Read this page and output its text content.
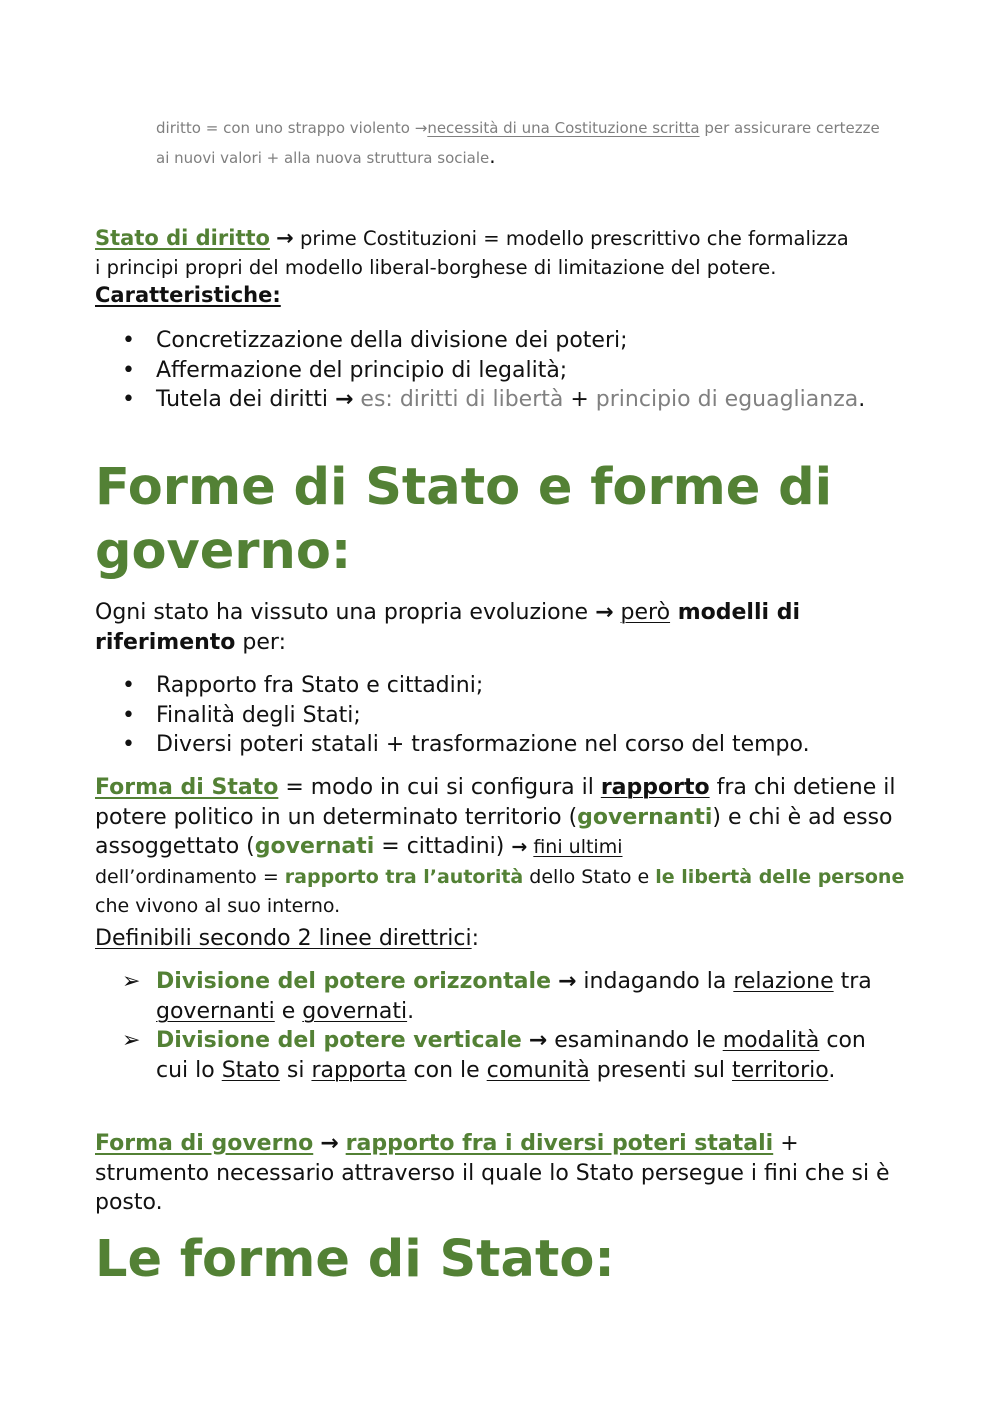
diritto = con uno strappo violento →necessità di una Costituzione scritta per assicurare certezze
ai nuovi valori + alla nuova struttura sociale.
Stato di diritto → prime Costituzioni = modello prescrittivo che formalizza
i principi propri del modello liberal-borghese di limitazione del potere.
Caratteristiche:
• Concretizzazione della divisione dei poteri;
• Affermazione del principio di legalità;
• Tutela dei diritti → es: diritti di libertà + principio di eguaglianza.
Forme di Stato e forme di governo:
Ogni stato ha vissuto una propria evoluzione → però modelli di riferimento per:
• Rapporto fra Stato e cittadini;
• Finalità degli Stati;
• Diversi poteri statali + trasformazione nel corso del tempo.
Forma di Stato = modo in cui si configura il rapporto fra chi detiene il potere politico in un determinato territorio (governanti) e chi è ad esso assoggettato (governati = cittadini) → fini ultimi
dell’ordinamento = rapporto tra l’autorità dello Stato e le libertà delle persone che vivono al suo interno.
Definibili secondo 2 linee direttrici:
➢ Divisione del potere orizzontale → indagando la relazione tra governanti e governati.
➢ Divisione del potere verticale → esaminando le modalità con cui lo Stato si rapporta con le comunità presenti sul territorio.
Forma di governo → rapporto fra i diversi poteri statali + strumento necessario attraverso il quale lo Stato persegue i fini che si è posto.
Le forme di Stato:
